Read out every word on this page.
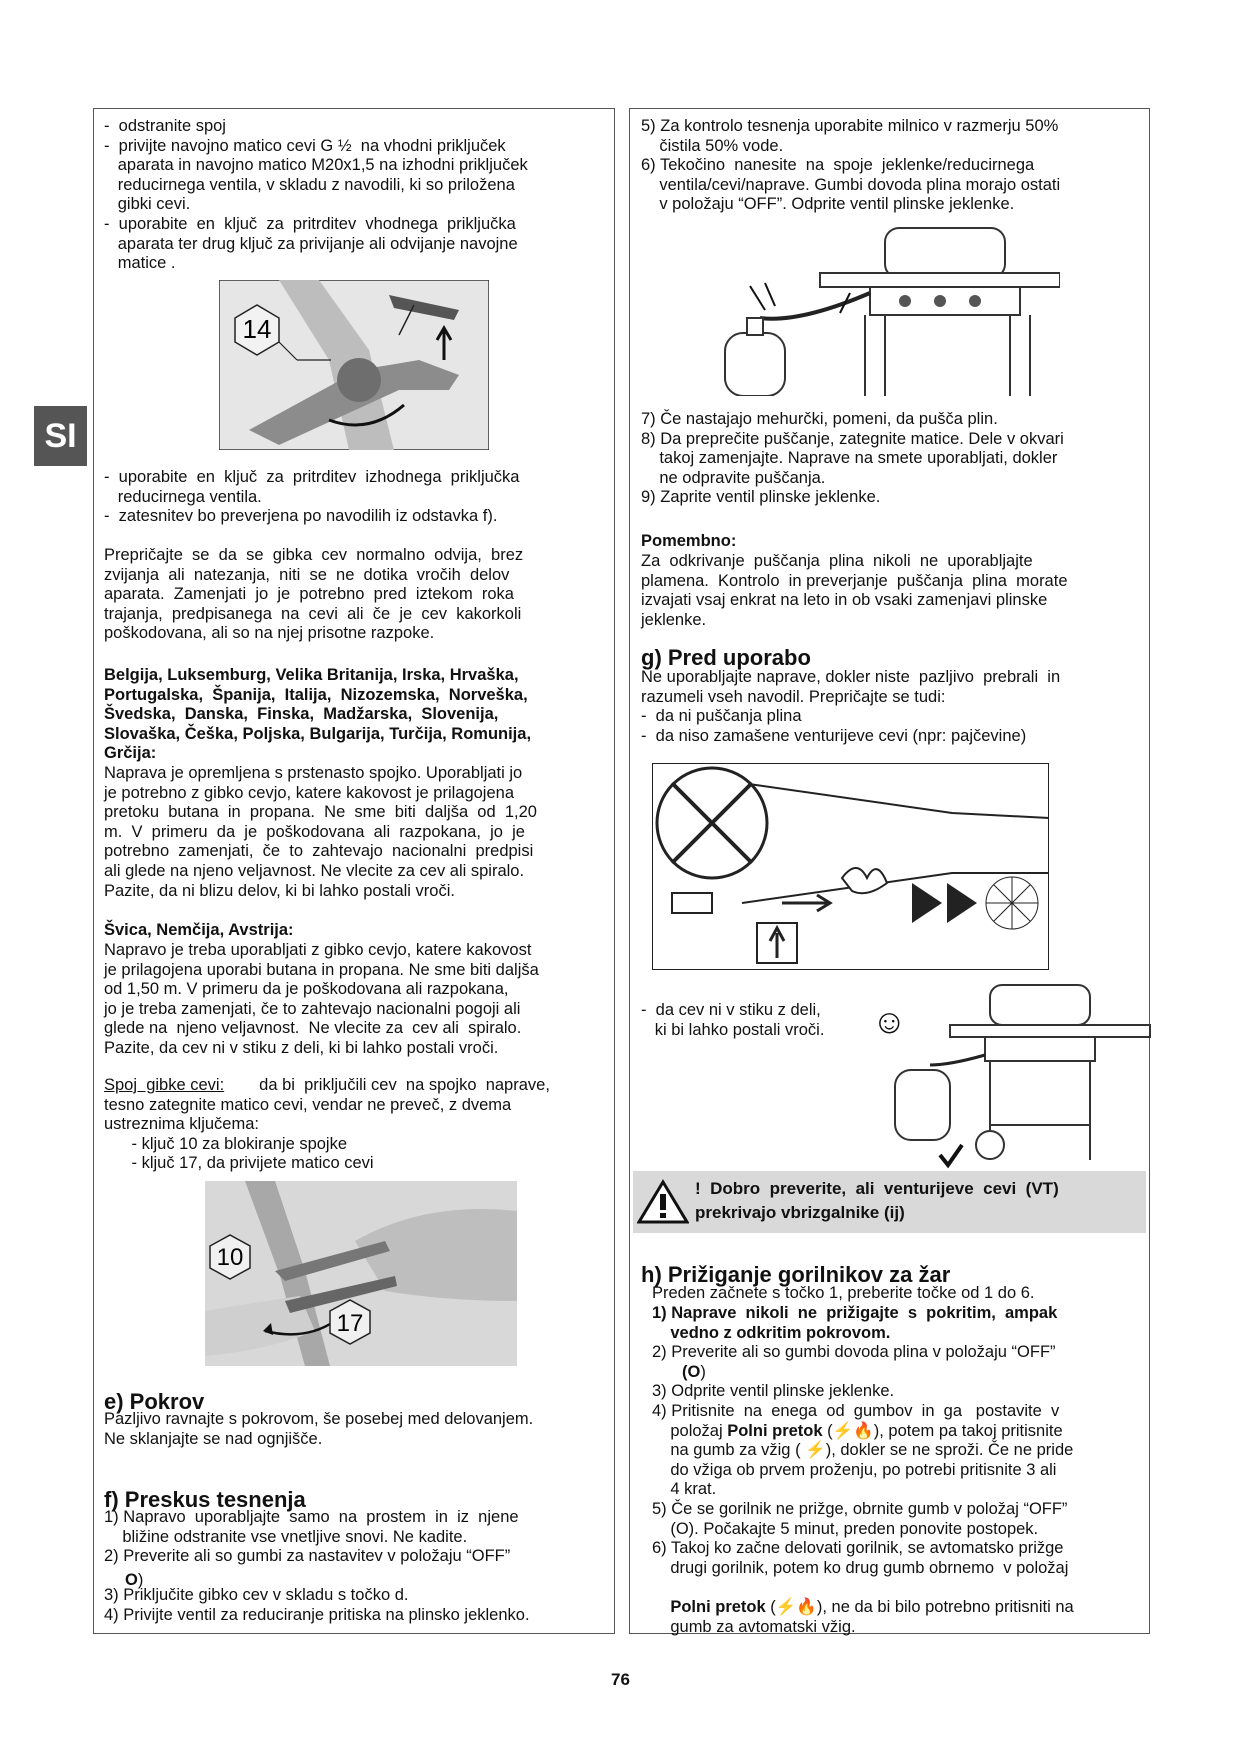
SI
-  odstranite spoj
-  privijte navojno matico cevi G ½  na vhodni priključek
aparata in navojno matico M20x1,5 na izhodni priključek
reducirnega ventila, v skladu z navodili, ki so priložena
gibki cevi.
-  uporabite  en  ključ  za  pritrditev  vhodnega  priključka
aparata ter drug ključ za privijanje ali odvijanje navojne
matice .
14
-  uporabite  en  ključ  za  pritrditev  izhodnega  priključka
reducirnega ventila.
-  zatesnitev bo preverjena po navodilih iz odstavka f).
Prepričajte  se  da  se  gibka  cev  normalno  odvija,  brez
zvijanja  ali  natezanja,  niti  se  ne  dotika  vročih  delov
aparata.  Zamenjati  jo  je  potrebno  pred  iztekom  roka
trajanja,  predpisanega  na  cevi  ali  če  je  cev  kakorkoli
poškodovana, ali so na njej prisotne razpoke.
Belgija, Luksemburg, Velika Britanija, Irska, Hrvaška,
Portugalska,  Španija,  Italija,  Nizozemska,  Norveška,
Švedska,  Danska,  Finska,  Madžarska,  Slovenija,
Slovaška, Češka, Poljska, Bulgarija, Turčija, Romunija,
Grčija:
Naprava je opremljena s prstenasto spojko. Uporabljati jo
je potrebno z gibko cevjo, katere kakovost je prilagojena
pretoku  butana  in  propana.  Ne  sme  biti  daljša  od  1,20
m.  V  primeru  da  je  poškodovana  ali  razpokana,  jo  je
potrebno  zamenjati,  če  to  zahtevajo  nacionalni  predpisi
ali glede na njeno veljavnost. Ne vlecite za cev ali spiralo.
Pazite, da ni blizu delov, ki bi lahko postali vroči.
Švica, Nemčija, Avstrija:
Napravo je treba uporabljati z gibko cevjo, katere kakovost
je prilagojena uporabi butana in propana. Ne sme biti daljša
od 1,50 m. V primeru da je poškodovana ali razpokana,
jo je treba zamenjati, če to zahtevajo nacionalni pogoji ali
glede na  njeno veljavnost.  Ne vlecite za  cev ali  spiralo.
Pazite, da cev ni v stiku z deli, ki bi lahko postali vroči.
Spoj  gibke cevi: da bi  priključili cev  na spojko  naprave,
tesno zategnite matico cevi, vendar ne preveč, z dvema
ustreznima ključema:
- ključ 10 za blokiranje spojke
- ključ 17, da privijete matico cevi
10
17
e) Pokrov
Pazljivo ravnajte s pokrovom, še posebej med delovanjem.
Ne sklanjajte se nad ognjišče.
f) Preskus tesnenja
1) Napravo  uporabljajte  samo  na  prostem  in  iz  njene
bližine odstranite vse vnetljive snovi. Ne kadite.
2) Preverite ali so gumbi za nastavitev v položaju “OFF”
3) Priključite gibko cev v skladu s točko d.
4) Privijte ventil za reduciranje pritiska na plinsko jeklenko.
O)
5) Za kontrolo tesnenja uporabite milnico v razmerju 50%
čistila 50% vode.
6) Tekočino  nanesite  na  spoje  jeklenke/reducirnega
ventila/cevi/naprave. Gumbi dovoda plina morajo ostati
v položaju “OFF”. Odprite ventil plinske jeklenke.
7) Če nastajajo mehurčki, pomeni, da pušča plin.
8) Da preprečite puščanje, zategnite matice. Dele v okvari
takoj zamenjajte. Naprave na smete uporabljati, dokler
ne odpravite puščanja.
9) Zaprite ventil plinske jeklenke.
Pomembno:
Za  odkrivanje  puščanja  plina  nikoli  ne  uporabljajte
plamena.  Kontrolo  in preverjanje  puščanja  plina  morate
izvajati vsaj enkrat na leto in ob vsaki zamenjavi plinske
jeklenke.
g) Pred uporabo
Ne uporabljajte naprave, dokler niste  pazljivo  prebrali  in
razumeli vseh navodil. Prepričajte se tudi:
-  da ni puščanja plina
-  da niso zamašene venturijeve cevi (npr: pajčevine)
-  da cev ni v stiku z deli,
ki bi lahko postali vroči. ☺
!  Dobro  preverite,  ali  venturijeve  cevi  (VT)
prekrivajo vbrizgalnike (ij)
h) Prižiganje gorilnikov za žar
Preden začnete s točko 1, preberite točke od 1 do 6.
1) Naprave  nikoli  ne  prižigajte  s  pokritim,  ampak
vedno z odkritim pokrovom.
2) Preverite ali so gumbi dovoda plina v položaju “OFF”
(O)
3) Odprite ventil plinske jeklenke.
4) Pritisnite  na  enega  od  gumbov  in  ga   postavite  v
položaj Polni pretok (⚡🔥), potem pa takoj pritisnite
na gumb za vžig ( ⚡), dokler se ne sproži. Če ne pride
do vžiga ob prvem proženju, po potrebi pritisnite 3 ali
4 krat.
5) Če se gorilnik ne prižge, obrnite gumb v položaj “OFF”
(O). Počakajte 5 minut, preden ponovite postopek.
6) Takoj ko začne delovati gorilnik, se avtomatsko prižge
drugi gorilnik, potem ko drug gumb obrnemo  v položaj
Polni pretok (⚡🔥), ne da bi bilo potrebno pritisniti na
gumb za avtomatski vžig.
76
